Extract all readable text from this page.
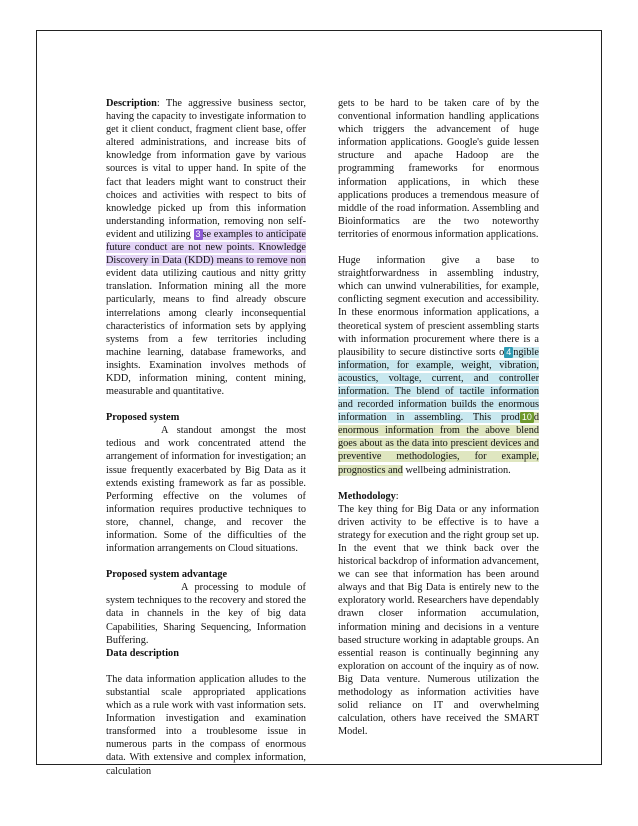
Description: The aggressive business sector, having the capacity to investigate information to get it client conduct, fragment client base, offer altered administrations, and increase bits of knowledge from information gave by various sources is vital to upper hand. In spite of the fact that leaders might want to construct their choices and activities with respect to bits of knowledge picked up from this information understanding information, removing non self-evident and utilizing 3 se examples to anticipate future conduct are not new points. Knowledge Discovery in Data (KDD) means to remove non evident data utilizing cautious and nitty gritty translation. Information mining all the more particularly, means to find already obscure interrelations among clearly inconsequential characteristics of information sets by applying systems from a few territories including machine learning, database frameworks, and insights. Examination involves methods of KDD, information mining, content mining, measurable and quantitative.

Proposed system

A standout amongst the most tedious and work concentrated attend the arrangement of information for investigation; an issue frequently exacerbated by Big Data as it extends existing framework as far as possible. Performing effective on the volumes of information requires productive techniques to store, channel, change, and recover the information. Some of the difficulties of the information arrangements on Cloud situations.

Proposed system advantage

A processing to module of system techniques to the recovery and stored the data in channels in the key of big data Capabilities, Sharing Sequencing, Information Buffering.

Data description

The data information application alludes to the substantial scale appropriated applications which as a rule work with vast information sets. Information investigation and examination transformed into a troublesome issue in numerous parts in the compass of enormous data. With extensive and complex information, calculation

gets to be hard to be taken care of by the conventional information handling applications which triggers the advancement of huge information applications. Google's guide lessen structure and apache Hadoop are the programming frameworks for enormous information applications, in which these applications produces a tremendous measure of middle of the road information. Assembling and Bioinformatics are the two noteworthy territories of enormous information applications.

Huge information give a base to straightforwardness in assembling industry, which can unwind vulnerabilities, for example, conflicting segment execution and accessibility. In these enormous information applications, a theoretical system of prescient assembling starts with information procurement where there is a plausibility to secure distinctive sorts o 4 ngible information, for example, weight, vibration, acoustics, voltage, current, and controller information. The blend of tactile information and recorded information builds the enormous information in assembling. This prod 10 d enormous information from the above blend goes about as the data into prescient devices and preventive methodologies, for example, prognostics and wellbeing administration.

Methodology:

The key thing for Big Data or any information driven activity to be effective is to have a strategy for execution and the right group set up. In the event that we think back over the historical backdrop of information advancement, we can see that information has been around always and that Big Data is entirely new to the exploratory world. Researchers have dependably drawn closer information accumulation, information mining and decisions in a venture based structure working in adaptable groups. An essential reason is continually beginning any exploration on account of the inquiry as of now. Big Data venture. Numerous utilization the methodology as information activities have solid reliance on IT and overwhelming calculation, others have received the SMART Model.
